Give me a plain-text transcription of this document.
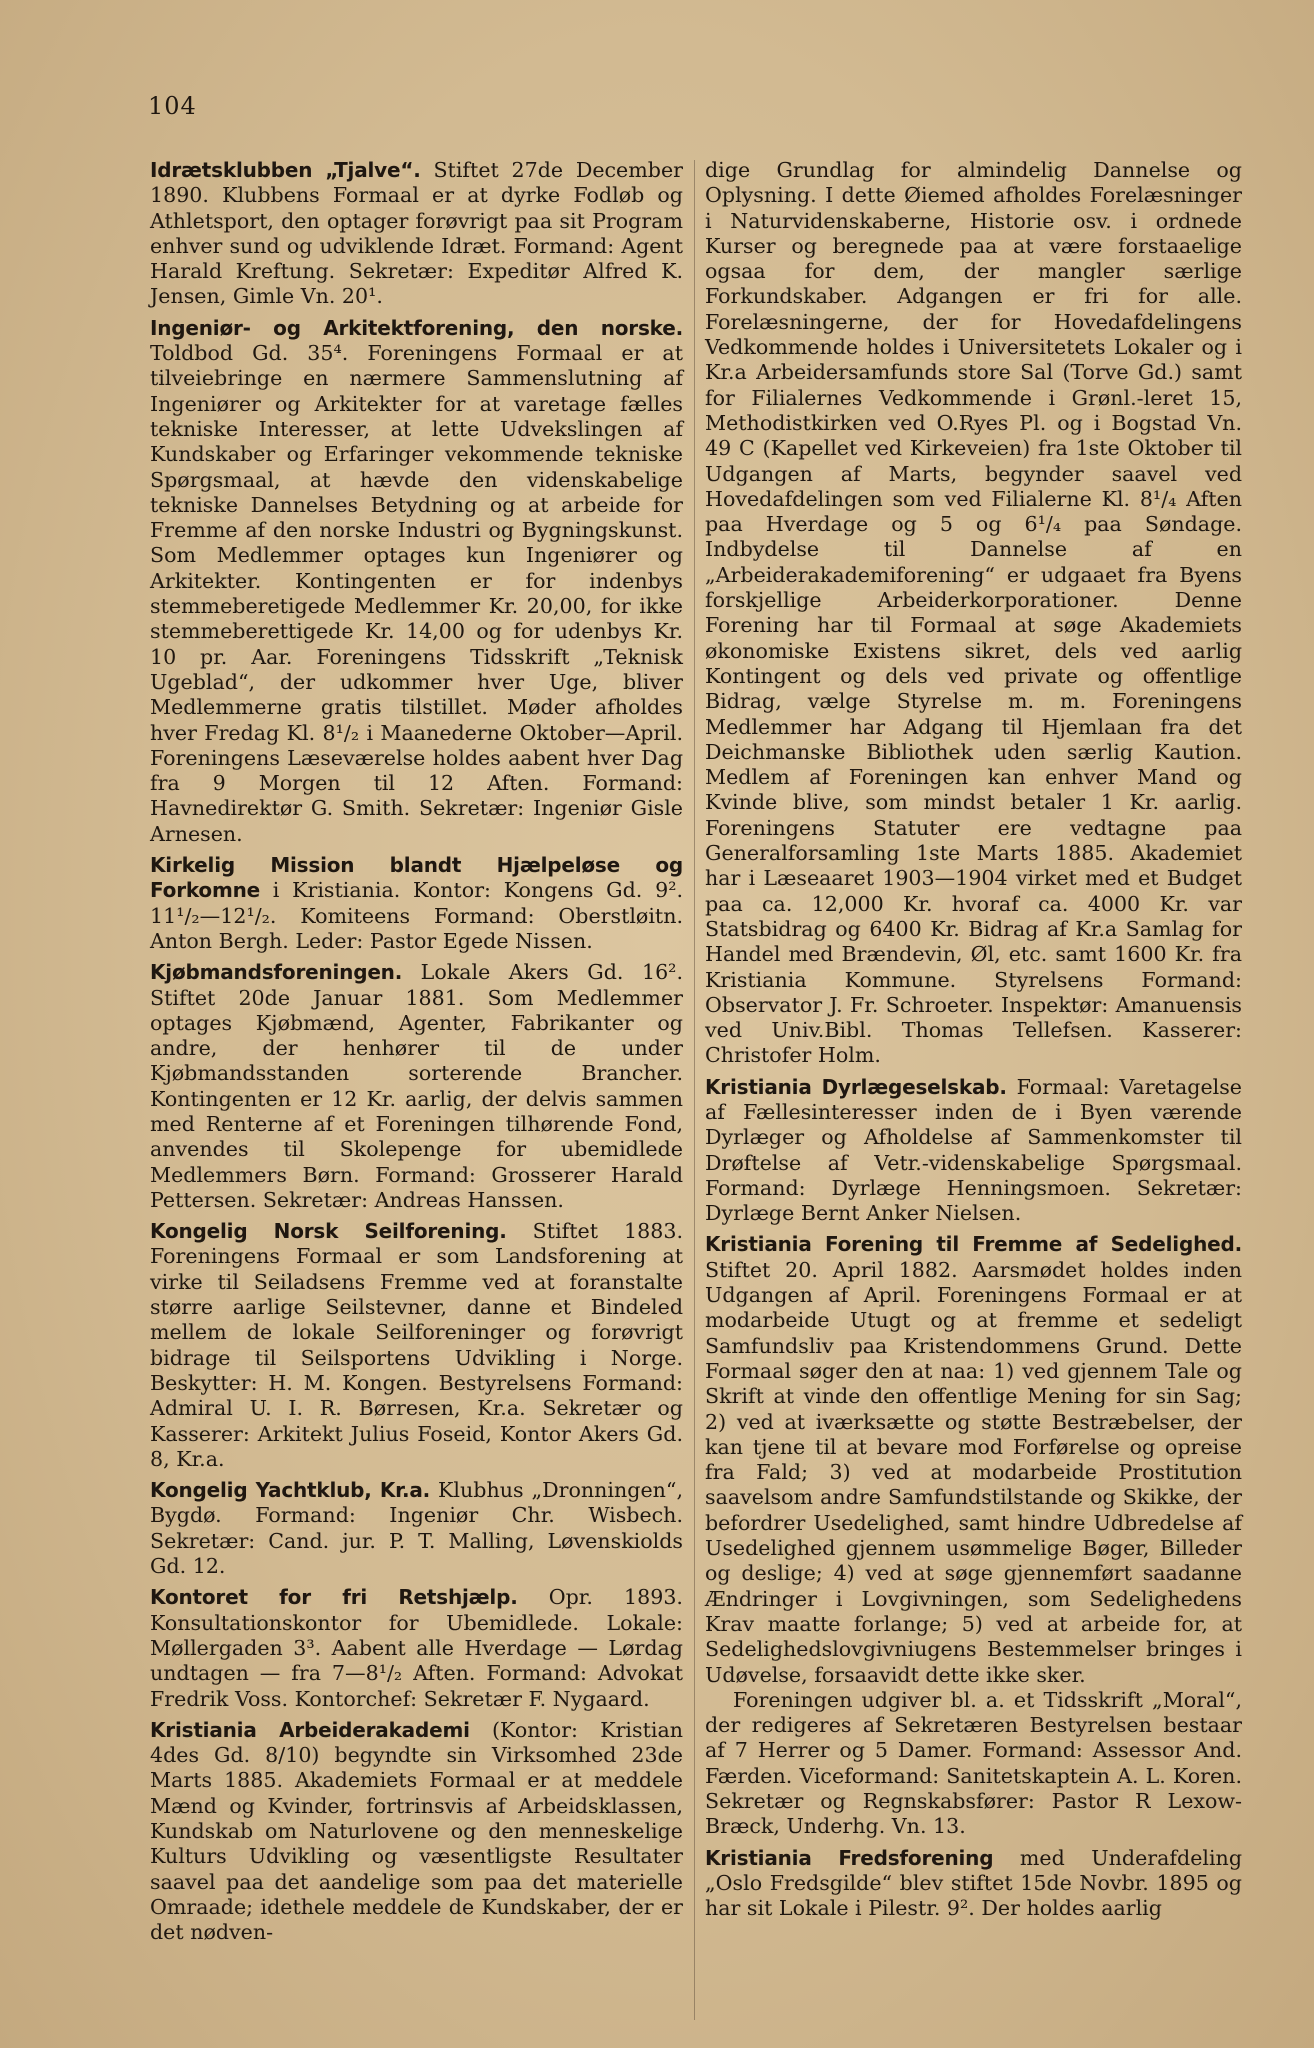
104
Idrætsklubben „Tjalve“. Stiftet 27de December 1890. Klubbens Formaal er at dyrke Fodløb og Athletsport, den optager forøvrigt paa sit Program enhver sund og udviklende Idræt. Formand: Agent Harald Kreftung. Sekretær: Expeditør Alfred K. Jensen, Gimle Vn. 20¹.
Ingeniør- og Arkitektforening, den norske. Toldbod Gd. 35⁴. Foreningens Formaal er at tilveiebringe en nærmere Sammenslutning af Ingeniører og Arkitekter for at varetage fælles tekniske Interesser, at lette Udvekslingen af Kundskaber og Erfaringer vekommende tekniske Spørgsmaal, at hævde den videnskabelige tekniske Dannelses Betydning og at arbeide for Fremme af den norske Industri og Bygningskunst. Som Medlemmer optages kun Ingeniører og Arkitekter. Kontingenten er for indenbys stemmeberetigede Medlemmer Kr. 20,00, for ikke stemmeberettigede Kr. 14,00 og for udenbys Kr. 10 pr. Aar. Foreningens Tidsskrift „Teknisk Ugeblad“, der udkommer hver Uge, bliver Medlemmerne gratis tilstillet. Møder afholdes hver Fredag Kl. 8¹/₂ i Maanederne Oktober—April. Foreningens Læseværelse holdes aabent hver Dag fra 9 Morgen til 12 Aften. Formand: Havnedirektør G. Smith. Sekretær: Ingeniør Gisle Arnesen.
Kirkelig Mission blandt Hjælpeløse og Forkomne i Kristiania. Kontor: Kongens Gd. 9². 11¹/₂—12¹/₂. Komiteens Formand: Oberstløitn. Anton Bergh. Leder: Pastor Egede Nissen.
Kjøbmandsforeningen. Lokale Akers Gd. 16². Stiftet 20de Januar 1881. Som Medlemmer optages Kjøbmænd, Agenter, Fabrikanter og andre, der henhører til de under Kjøbmandsstanden sorterende Brancher. Kontingenten er 12 Kr. aarlig, der delvis sammen med Renterne af et Foreningen tilhørende Fond, anvendes til Skolepenge for ubemidlede Medlemmers Børn. Formand: Grosserer Harald Pettersen. Sekretær: Andreas Hanssen.
Kongelig Norsk Seilforening. Stiftet 1883. Foreningens Formaal er som Landsforening at virke til Seiladsens Fremme ved at foranstalte større aarlige Seilstevner, danne et Bindeled mellem de lokale Seilforeninger og forøvrigt bidrage til Seilsportens Udvikling i Norge. Beskytter: H. M. Kongen. Bestyrelsens Formand: Admiral U. I. R. Børresen, Kr.a. Sekretær og Kasserer: Arkitekt Julius Foseid, Kontor Akers Gd. 8, Kr.a.
Kongelig Yachtklub, Kr.a. Klubhus „Dronningen“, Bygdø. Formand: Ingeniør Chr. Wisbech. Sekretær: Cand. jur. P. T. Malling, Løvenskiolds Gd. 12.
Kontoret for fri Retshjælp. Opr. 1893. Konsultationskontor for Ubemidlede. Lokale: Møllergaden 3³. Aabent alle Hverdage — Lørdag undtagen — fra 7—8¹/₂ Aften. Formand: Advokat Fredrik Voss. Kontorchef: Sekretær F. Nygaard.
Kristiania Arbeiderakademi (Kontor: Kristian 4des Gd. 8/10) begyndte sin Virksomhed 23de Marts 1885. Akademiets Formaal er at meddele Mænd og Kvinder, fortrinsvis af Arbeidsklassen, Kundskab om Naturlovene og den menneskelige Kulturs Udvikling og væsentligste Resultater saavel paa det aandelige som paa det materielle Omraade; idethele meddele de Kundskaber, der er det nødven-
dige Grundlag for almindelig Dannelse og Oplysning. I dette Øiemed afholdes Forelæsninger i Naturvidenskaberne, Historie osv. i ordnede Kurser og beregnede paa at være forstaaelige ogsaa for dem, der mangler særlige Forkundskaber. Adgangen er fri for alle. Forelæsningerne, der for Hovedafdelingens Vedkommende holdes i Universitetets Lokaler og i Kr.a Arbeidersamfunds store Sal (Torve Gd.) samt for Filialernes Vedkommende i Grønl.-leret 15, Methodistkirken ved O.Ryes Pl. og i Bogstad Vn. 49 C (Kapellet ved Kirkeveien) fra 1ste Oktober til Udgangen af Marts, begynder saavel ved Hovedafdelingen som ved Filialerne Kl. 8¹/₄ Aften paa Hverdage og 5 og 6¹/₄ paa Søndage. Indbydelse til Dannelse af en „Arbeiderakademiforening“ er udgaaet fra Byens forskjellige Arbeiderkorporationer. Denne Forening har til Formaal at søge Akademiets økonomiske Existens sikret, dels ved aarlig Kontingent og dels ved private og offentlige Bidrag, vælge Styrelse m. m. Foreningens Medlemmer har Adgang til Hjemlaan fra det Deichmanske Bibliothek uden særlig Kaution. Medlem af Foreningen kan enhver Mand og Kvinde blive, som mindst betaler 1 Kr. aarlig. Foreningens Statuter ere vedtagne paa Generalforsamling 1ste Marts 1885. Akademiet har i Læseaaret 1903—1904 virket med et Budget paa ca. 12,000 Kr. hvoraf ca. 4000 Kr. var Statsbidrag og 6400 Kr. Bidrag af Kr.a Samlag for Handel med Brændevin, Øl, etc. samt 1600 Kr. fra Kristiania Kommune. Styrelsens Formand: Observator J. Fr. Schroeter. Inspektør: Amanuensis ved Univ.Bibl. Thomas Tellefsen. Kasserer: Christofer Holm.
Kristiania Dyrlægeselskab. Formaal: Varetagelse af Fællesinteresser inden de i Byen værende Dyrlæger og Afholdelse af Sammenkomster til Drøftelse af Vetr.-videnskabelige Spørgsmaal. Formand: Dyrlæge Henningsmoen. Sekretær: Dyrlæge Bernt Anker Nielsen.
Kristiania Forening til Fremme af Sedelighed. Stiftet 20. April 1882. Aarsmødet holdes inden Udgangen af April. Foreningens Formaal er at modarbeide Utugt og at fremme et sedeligt Samfundsliv paa Kristendommens Grund. Dette Formaal søger den at naa: 1) ved gjennem Tale og Skrift at vinde den offentlige Mening for sin Sag; 2) ved at iværksætte og støtte Bestræbelser, der kan tjene til at bevare mod Forførelse og opreise fra Fald; 3) ved at modarbeide Prostitution saavelsom andre Samfundstilstande og Skikke, der befordrer Usedelighed, samt hindre Udbredelse af Usedelighed gjennem usømmelige Bøger, Billeder og deslige; 4) ved at søge gjennemført saadanne Ændringer i Lovgivningen, som Sedelighedens Krav maatte forlange; 5) ved at arbeide for, at Sedelighedslovgivniugens Bestemmelser bringes i Udøvelse, forsaavidt dette ikke sker.
Foreningen udgiver bl. a. et Tidsskrift „Moral“, der redigeres af Sekretæren Bestyrelsen bestaar af 7 Herrer og 5 Damer. Formand: Assessor And. Færden. Viceformand: Sanitetskaptein A. L. Koren. Sekretær og Regnskabsfører: Pastor R Lexow-Bræck, Underhg. Vn. 13.
Kristiania Fredsforening med Underafdeling „Oslo Fredsgilde“ blev stiftet 15de Novbr. 1895 og har sit Lokale i Pilestr. 9². Der holdes aarlig
